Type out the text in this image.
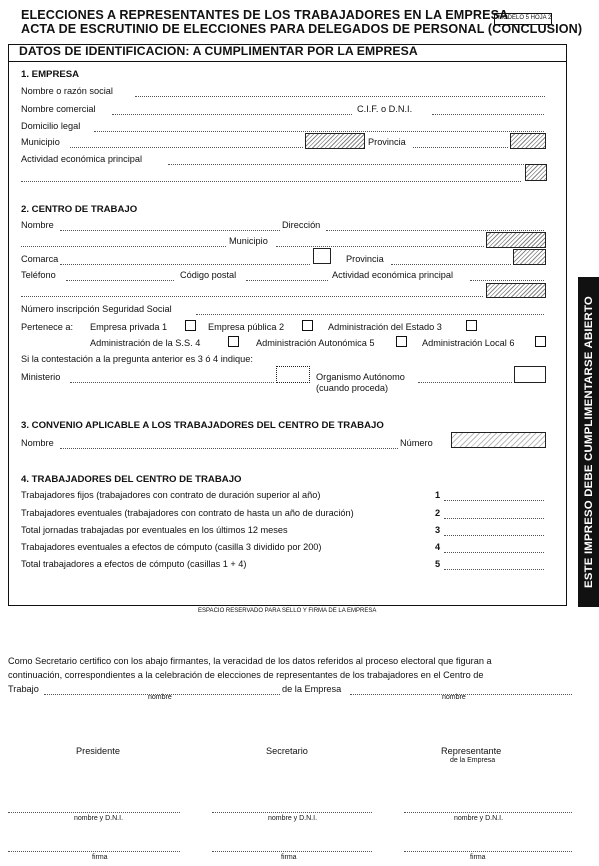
ELECCIONES A REPRESENTANTES DE LOS TRABAJADORES EN LA EMPRESA
MODELO 5 HOJA 2
ACTA DE ESCRUTINIO DE ELECCIONES PARA DELEGADOS DE PERSONAL (CONCLUSION)
DATOS DE IDENTIFICACION: A CUMPLIMENTAR POR LA EMPRESA
1. EMPRESA
Nombre o razón social
Nombre comercial	C.I.F. o D.N.I.
Domicilio legal
Municipio	Provincia
Actividad económica principal
2. CENTRO DE TRABAJO
Nombre	Dirección
Municipio
Comarca	Provincia
Teléfono	Código postal	Actividad económica principal
Número inscripción Seguridad Social
Pertenece a: Empresa privada 1	Empresa pública 2	Administración del Estado 3
Administración de la S.S. 4	Administración Autonómica 5	Administración Local 6
Si la contestación a la pregunta anterior es 3 ó 4 indique:
Ministerio	Organismo Autónomo
(cuando proceda)
3. CONVENIO APLICABLE A LOS TRABAJADORES DEL CENTRO DE TRABAJO
Nombre	Número
4. TRABAJADORES DEL CENTRO DE TRABAJO
Trabajadores fijos (trabajadores con contrato de duración superior al año)	1
Trabajadores eventuales (trabajadores con contrato de hasta un año de duración)	2
Total jornadas trabajadas por eventuales en los últimos 12 meses	3
Trabajadores eventuales a efectos de cómputo (casilla 3 dividido por 200)	4
Total trabajadores a efectos de cómputo (casillas 1 + 4)	5
ESPACIO RESERVADO PARA SELLO Y FIRMA DE LA EMPRESA
ESTE IMPRESO DEBE CUMPLIMENTARSE ABIERTO
Como Secretario certifico con los abajo firmantes, la veracidad de los datos referidos al proceso electoral que figuran a
continuación, correspondientes a la celebración de elecciones de representantes de los trabajadores en el Centro de
Trabajo	de la Empresa
nombre	nombre
Presidente	Secretario	Representante
de la Empresa
nombre y D.N.I.	nombre y D.N.I.	nombre y D.N.I.
firma	firma	firma
